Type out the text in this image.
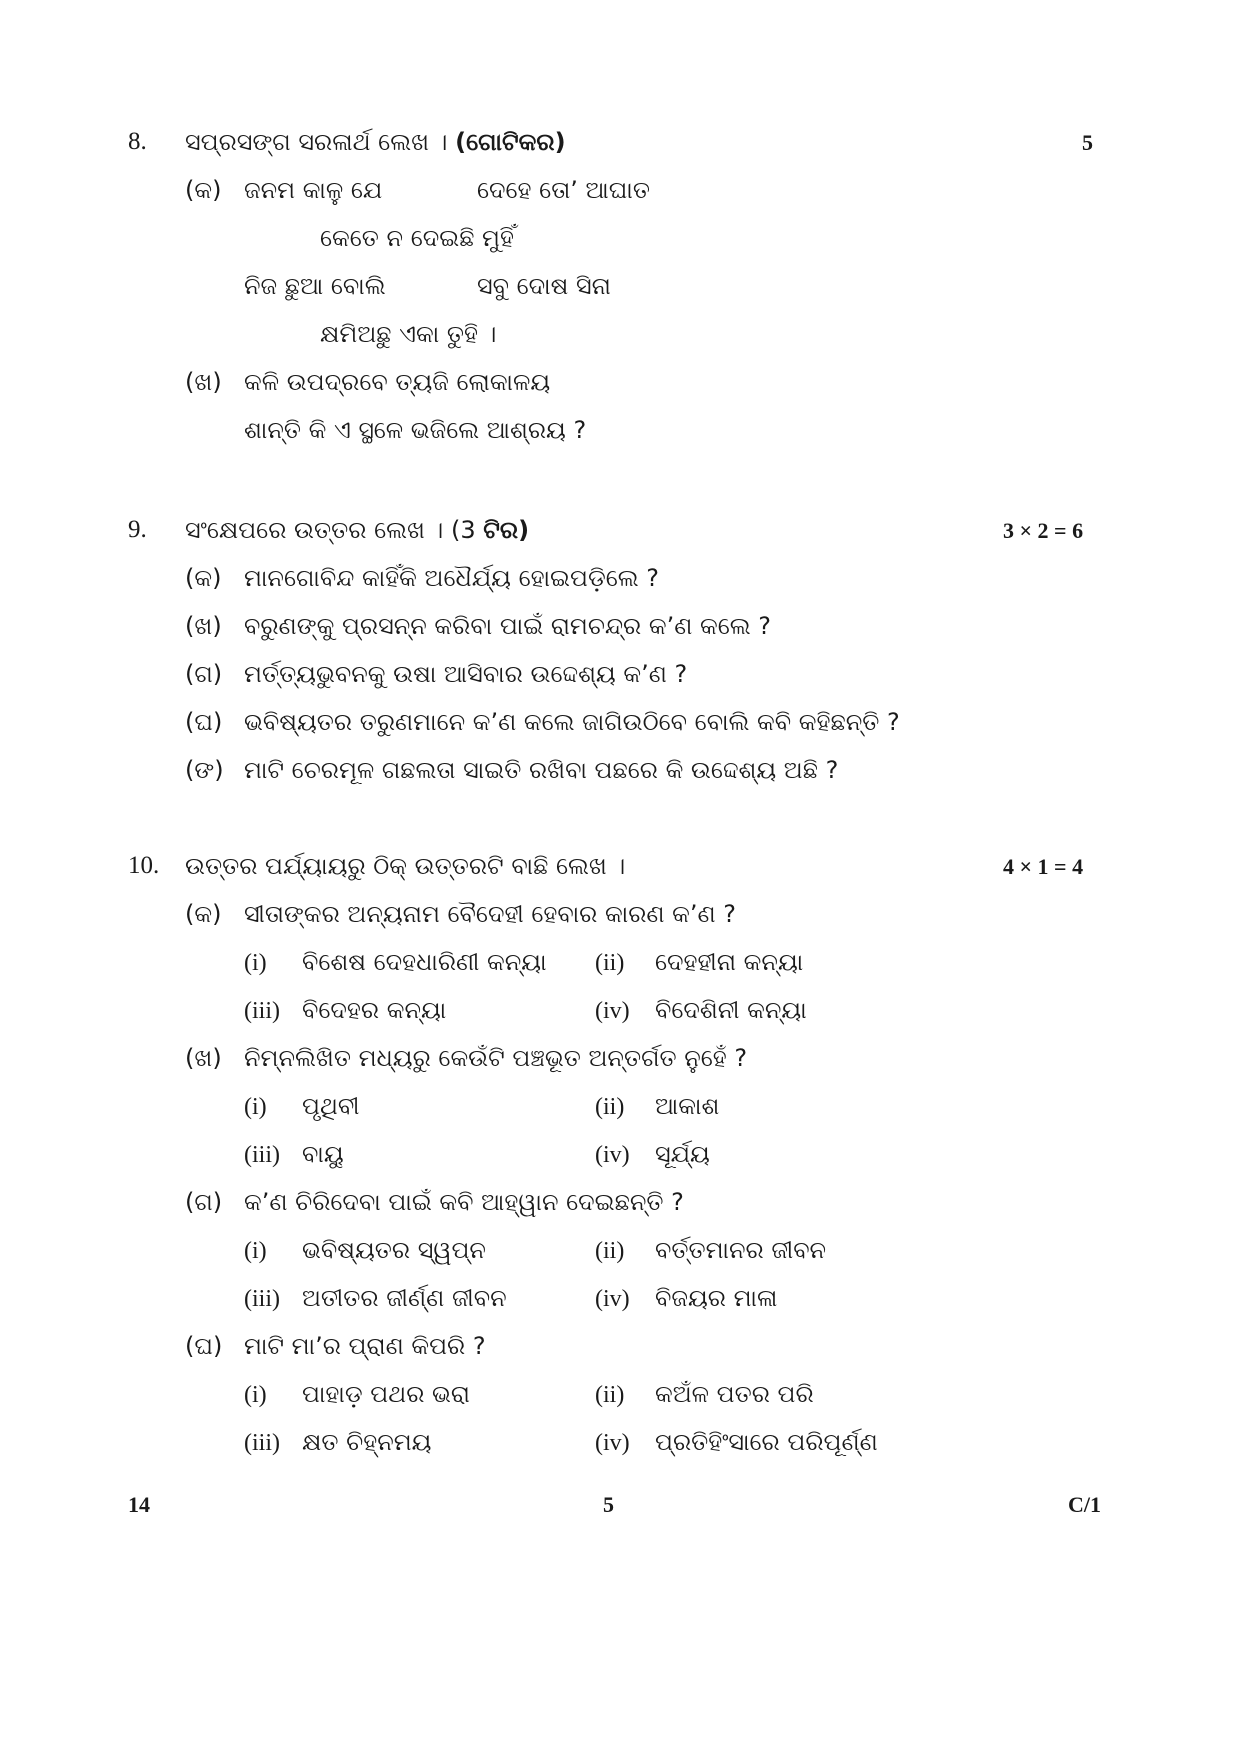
8. ସପ୍ରସଙ୍ଗ ସରଳାର୍ଥ ଲେଖ । (ଗୋଟିକର)	5
(କ) ଜନମ କାଳୁ ଯେ	ଦେହେ ତୋ’ ଆଘାତ
କେତେ ନ ଦେଇଛି ମୁହିଁ
ନିଜ ଛୁଆ ବୋଲି	ସବୁ ଦୋଷ ସିନା
କ୍ଷମିଅଛୁ ଏକା ତୁହି ।
(ଖ) କଳି ଉପଦ୍ରବେ ତ୍ୟଜି ଲୋକାଳୟ
ଶାନ୍ତି କି ଏ ସ୍ଥଳେ ଭଜିଲେ ଆଶ୍ରୟ ?
9. ସଂକ୍ଷେପରେ ଉତ୍ତର ଲେଖ । (3 ଟିର)	3 × 2 = 6
(କ) ମାନଗୋବିନ୍ଦ କାହିଁକି ଅଧୈର୍ଯ୍ୟ ହୋଇପଡ଼ିଲେ ?
(ଖ) ବରୁଣଙ୍କୁ ପ୍ରସନ୍ନ କରିବା ପାଇଁ ରାମଚନ୍ଦ୍ର କ’ଣ କଲେ ?
(ଗ) ମର୍ତ୍ତ୍ୟଭୁବନକୁ ଉଷା ଆସିବାର ଉଦ୍ଦେଶ୍ୟ କ’ଣ ?
(ଘ) ଭବିଷ୍ୟତର ତରୁଣମାନେ କ’ଣ କଲେ ଜାଗିଉଠିବେ ବୋଲି କବି କହିଛନ୍ତି ?
(ଙ) ମାଟି ଚେରମୂଳ ଗଛଲତା ସାଇତି ରଖିବା ପଛରେ କି ଉଦ୍ଦେଶ୍ୟ ଅଛି ?
10. ଉତ୍ତର ପର୍ଯ୍ୟାୟରୁ ଠିକ୍ ଉତ୍ତରଟି ବାଛି ଲେଖ ।	4 × 1 = 4
(କ) ସୀତାଙ୍କର ଅନ୍ୟନାମ ବୈଦେହୀ ହେବାର କାରଣ କ’ଣ ?
(i) ବିଶେଷ ଦେହଧାରିଣୀ କନ୍ୟା (ii) ଦେହହୀନା କନ୍ୟା
(iii) ବିଦେହର କନ୍ୟା	(iv) ବିଦେଶିନୀ କନ୍ୟା
(ଖ) ନିମ୍ନଲିଖିତ ମଧ୍ୟରୁ କେଉଁଟି ପଞ୍ଚଭୂତ ଅନ୍ତର୍ଗତ ନୁହେଁ ?
(i) ପୃଥିବୀ	(ii) ଆକାଶ
(iii) ବାୟୁ	(iv) ସୂର୍ଯ୍ୟ
(ଗ) କ’ଣ ଚିରିଦେବା ପାଇଁ କବି ଆହ୍ୱାନ ଦେଇଛନ୍ତି ?
(i) ଭବିଷ୍ୟତର ସ୍ୱପ୍ନ	(ii) ବର୍ତ୍ତମାନର ଜୀବନ
(iii) ଅତୀତର ଜୀର୍ଣ୍ଣ ଜୀବନ	(iv) ବିଜୟର ମାଳା
(ଘ) ମାଟି ମା’ର ପ୍ରାଣ କିପରି ?
(i) ପାହାଡ଼ ପଥର ଭରା	(ii) କଅଁଳ ପତର ପରି
(iii) କ୍ଷତ ଚିହ୍ନମୟ	(iv) ପ୍ରତିହିଂସାରେ ପରିପୂର୍ଣ୍ଣ
14	5	C/1
